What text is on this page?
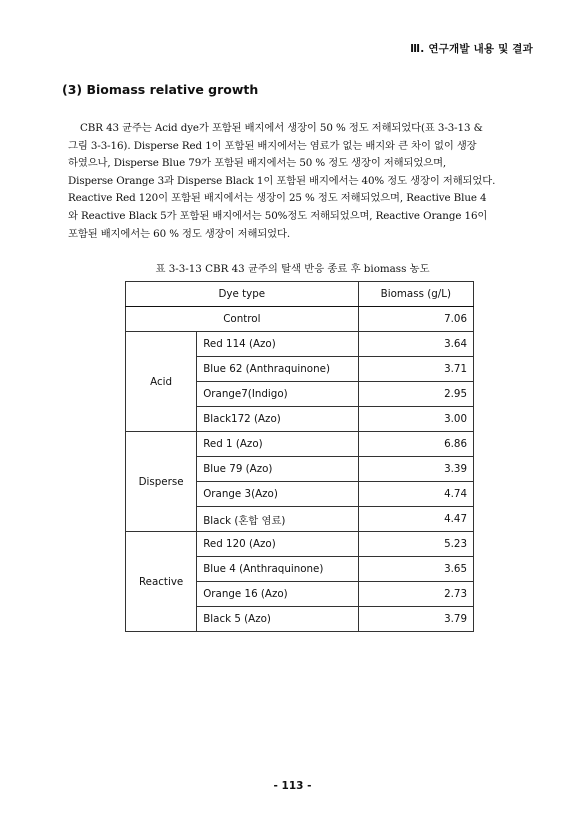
Ⅲ. 연구개발 내용 및 결과
(3) Biomass relative growth
CBR 43 균주는 Acid dye가 포함된 배지에서 생장이 50 % 정도 저해되었다(표 3-3-13 &
그림 3-3-16). Disperse Red 1이 포함된 배지에서는 염료가 없는 배지와 큰 차이 없이 생장
하였으나, Disperse Blue 79가 포함된 배지에서는 50 % 정도 생장이 저해되었으며,
Disperse Orange 3과 Disperse Black 1이 포함된 배지에서는 40% 정도 생장이 저해되었다.
Reactive Red 120이 포함된 배지에서는 생장이 25 % 정도 저해되었으며, Reactive Blue 4
와 Reactive Black 5가 포함된 배지에서는 50%정도 저해되었으며, Reactive Orange 16이
포함된 배지에서는 60 % 정도 생장이 저해되었다.
표 3-3-13 CBR 43 균주의 탈색 반응 종료 후 biomass 농도
Dye type		Biomass (g/L)
Control		7.06
Acid	Red 114 (Azo)	3.64
	Blue 62 (Anthraquinone)	3.71
	Orange7(Indigo)	2.95
	Black172 (Azo)	3.00
Disperse	Red 1 (Azo)	6.86
	Blue 79 (Azo)	3.39
	Orange 3(Azo)	4.74
	Black (혼합 염료)	4.47
Reactive	Red 120 (Azo)	5.23
	Blue 4 (Anthraquinone)	3.65
	Orange 16 (Azo)	2.73
	Black 5 (Azo)	3.79
- 113 -
